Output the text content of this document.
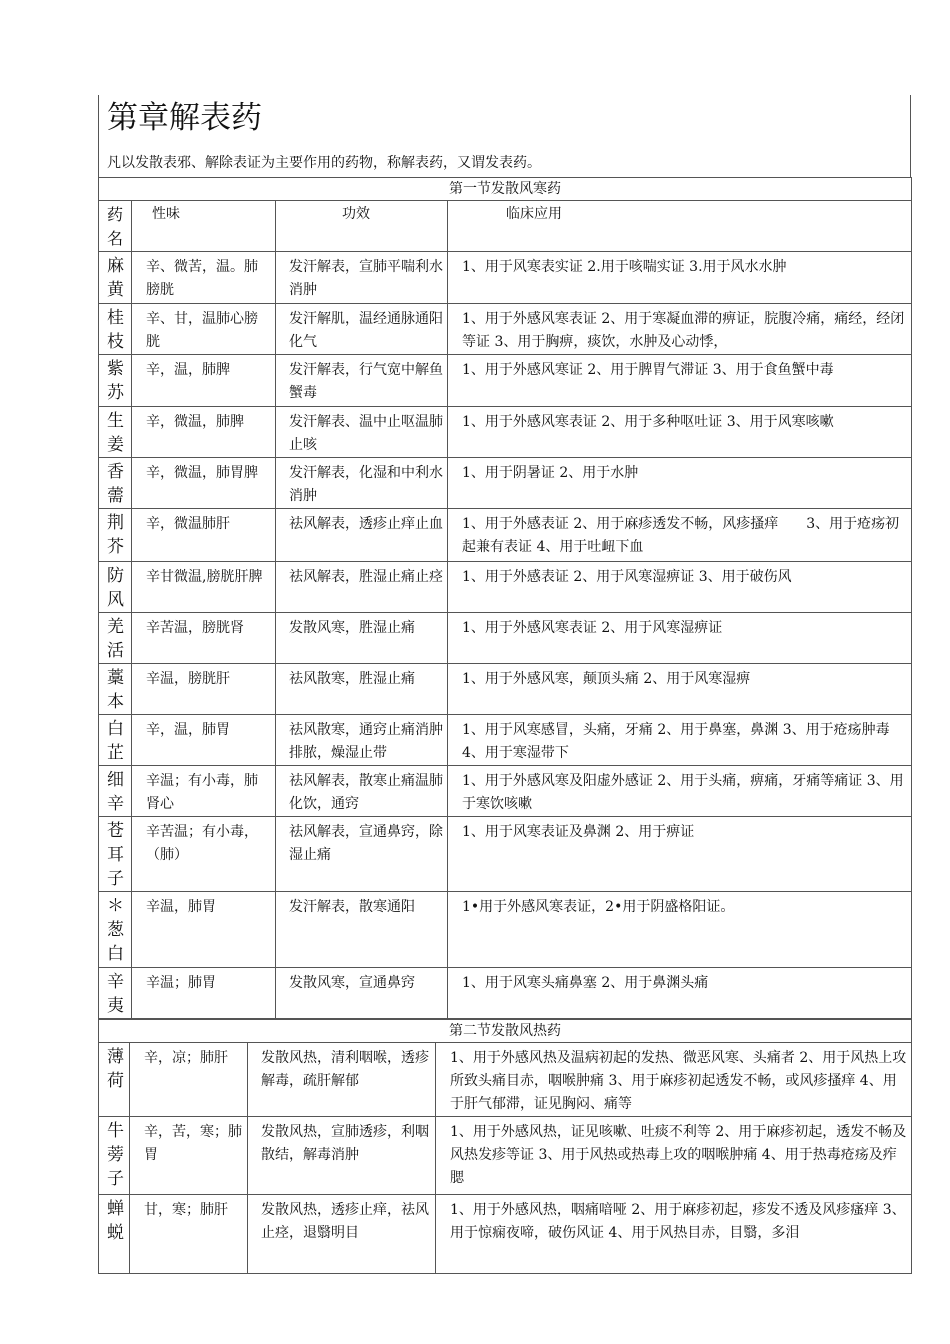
第章解表药
凡以发散表邪、解除表证为主要作用的药物，称解表药，又谓发表药。
第一节发散风寒药			
药名	性味	功效	临床应用
麻黄	辛、微苦，温。肺膀胱	发汗解表，宣肺平喘利水消肿	1、用于风寒表实证 2.用于咳喘实证 3.用于风水水肿
桂枝	辛、甘，温肺心膀胱	发汗解肌，温经通脉通阳化气	1、用于外感风寒表证 2、用于寒凝血滞的痹证，脘腹冷痛，痛经，经闭等证 3、用于胸痹，痰饮，水肿及心动悸，
紫苏	辛，温，肺脾	发汗解表，行气宽中解鱼蟹毒	1、用于外感风寒证 2、用于脾胃气滞证 3、用于食鱼蟹中毒
生姜	辛，微温，肺脾	发汗解表、温中止呕温肺止咳	1、用于外感风寒表证 2、用于多种呕吐证 3、用于风寒咳嗽
香薷	辛，微温，肺胃脾	发汗解表，化湿和中利水消肿	1、用于阴暑证 2、用于水肿
荆芥	辛，微温肺肝	祛风解表，透疹止痒止血	1、用于外感表证 2、用于麻疹透发不畅，风疹搔痒　　3、用于疮疡初起兼有表证 4、用于吐衄下血
防风	辛甘微温,膀胱肝脾	祛风解表，胜湿止痛止痉	1、用于外感表证 2、用于风寒湿痹证 3、用于破伤风
羌活	辛苦温，膀胱肾	发散风寒，胜湿止痛	1、用于外感风寒表证 2、用于风寒湿痹证
藁本	辛温，膀胱肝	祛风散寒，胜湿止痛	1、用于外感风寒，颠顶头痛 2、用于风寒湿痹
白芷	辛，温，肺胃	祛风散寒，通窍止痛消肿排脓，燥湿止带	1、用于风寒感冒，头痛，牙痛 2、用于鼻塞，鼻渊 3、用于疮疡肿毒 4、用于寒湿带下
细辛	辛温；有小毒，肺肾心	祛风解表，散寒止痛温肺化饮，通窍	1、用于外感风寒及阳虚外感证 2、用于头痛，痹痛，牙痛等痛证 3、用于寒饮咳嗽
苍耳子	辛苦温；有小毒，（肺）	祛风解表，宣通鼻窍，除湿止痛	1、用于风寒表证及鼻渊 2、用于痹证
＊葱白	辛温，肺胃	发汗解表，散寒通阳	1•用于外感风寒表证，2•用于阴盛格阳证。
辛夷	辛温；肺胃	发散风寒，宣通鼻窍	1、用于风寒头痛鼻塞 2、用于鼻渊头痛
第二节发散风热药			
薄荷	辛，凉；肺肝	发散风热，清利咽喉，透疹解毒，疏肝解郁	1、用于外感风热及温病初起的发热、微恶风寒、头痛者 2、用于风热上攻所致头痛目赤，咽喉肿痛 3、用于麻疹初起透发不畅，或风疹搔痒 4、用于肝气郁滞，证见胸闷、痛等
牛蒡子	辛，苦，寒；肺胃	发散风热，宣肺透疹，利咽散结，解毒消肿	1、用于外感风热，证见咳嗽、吐痰不利等 2、用于麻疹初起，透发不畅及风热发疹等证 3、用于风热或热毒上攻的咽喉肿痛 4、用于热毒疮疡及痄腮
蝉蜕	甘，寒；肺肝	发散风热，透疹止痒，祛风止痉，退翳明目	1、用于外感风热，咽痛喑哑 2、用于麻疹初起，疹发不透及风疹瘙痒 3、用于惊痫夜啼，破伤风证 4、用于风热目赤，目翳，多泪
